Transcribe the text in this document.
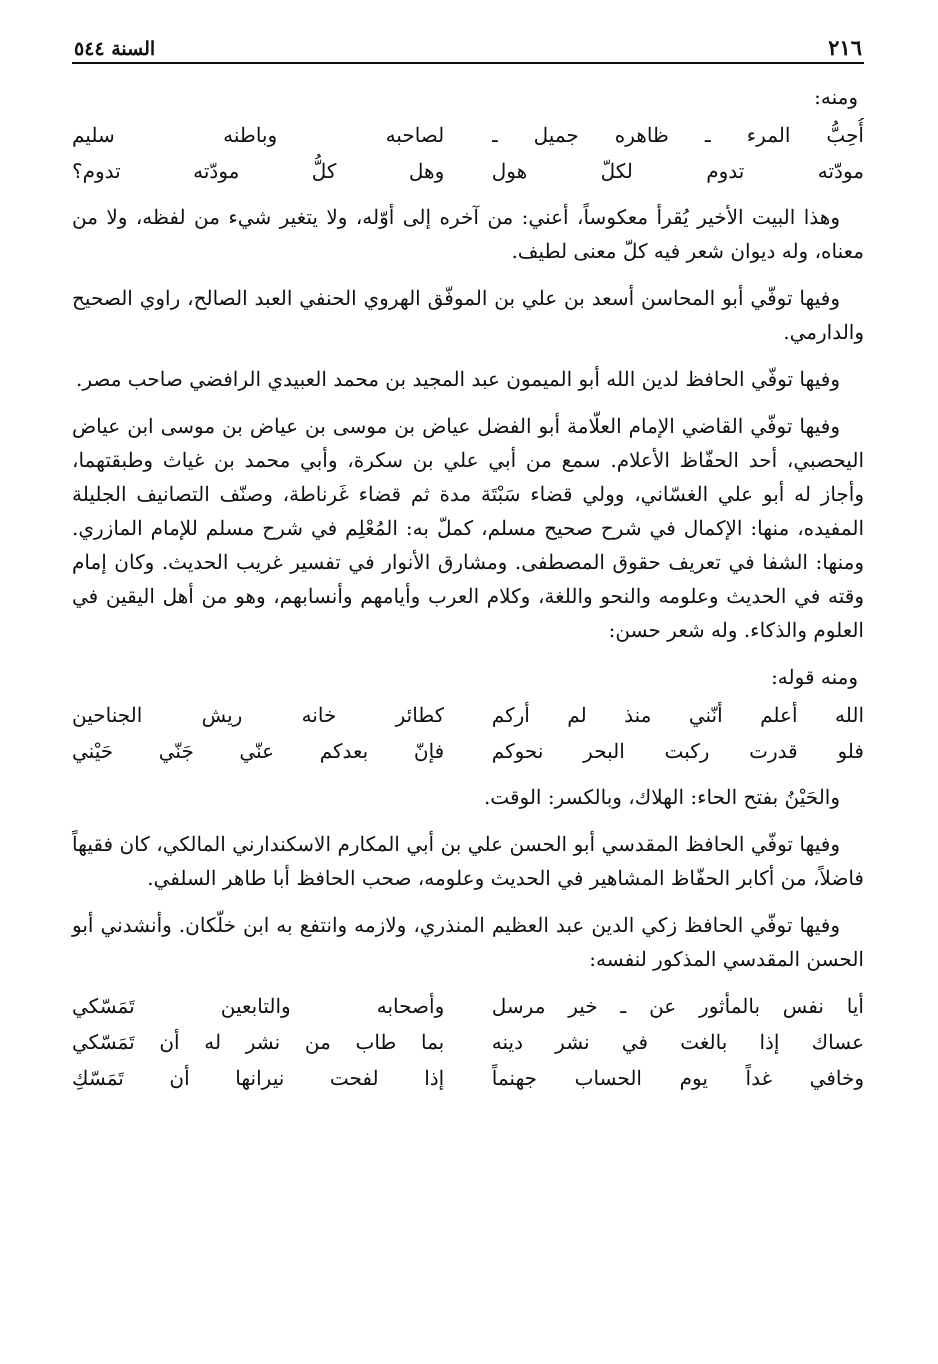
٢١٦
السنة ٥٤٤
ومنه:
أُحِبُّ المرء ـ ظاهره جميل ـ
لصاحبه وباطنه سليم
مودّته تدوم لكلّ هول
وهل كلُّ مودّته تدوم؟

وهذا البيت الأخير يُقرأ معكوساً، أعني: من آخره إلى أوّله، ولا يتغير شيء من لفظه، ولا من معناه، وله ديوان شعر فيه كلّ معنى لطيف.

وفيها توفّي أبو المحاسن أسعد بن علي بن الموفّق الهروي الحنفي العبد الصالح، راوي الصحيح والدارمي.

وفيها توفّي الحافظ لدين الله أبو الميمون عبد المجيد بن محمد العبيدي الرافضي صاحب مصر.

وفيها توفّي القاضي الإمام العلّامة أبو الفضل عياض بن موسى بن عياض بن موسى ابن عياض اليحصبي، أحد الحفّاظ الأعلام. سمع من أبي علي بن سكرة، وأبي محمد بن غياث وطبقتهما، وأجاز له أبو علي الغسّاني، وولي قضاء سَبْتَة مدة ثم قضاء غَرناطة، وصنّف التصانيف الجليلة المفيده، منها: الإكمال في شرح صحيح مسلم، كملّ به: المُعْلِم في شرح مسلم للإمام المازري. ومنها: الشفا في تعريف حقوق المصطفى. ومشارق الأنوار في تفسير غريب الحديث. وكان إمام وقته في الحديث وعلومه والنحو واللغة، وكلام العرب وأيامهم وأنسابهم، وهو من أهل اليقين في العلوم والذكاء. وله شعر حسن:

ومنه قوله:
الله أعلم أنّني منذ لم أركم
كطائر خانه ريش الجناحين
فلو قدرت ركبت البحر نحوكم
فإنّ بعدكم عنّي جَنّي حَيْني

والحَيْنُ بفتح الحاء: الهلاك، وبالكسر: الوقت.

وفيها توفّي الحافظ المقدسي أبو الحسن علي بن أبي المكارم الاسكندارني المالكي، كان فقيهاً فاضلاً، من أكابر الحفّاظ المشاهير في الحديث وعلومه، صحب الحافظ أبا طاهر السلفي.

وفيها توفّي الحافظ زكي الدين عبد العظيم المنذري، ولازمه وانتفع به ابن خلّكان. وأنشدني أبو الحسن المقدسي المذكور لنفسه:

أيا نفس بالمأثور عن ـ خير مرسل
وأصحابه والتابعين تَمَسّكي
عساك إذا بالغت في نشر دينه
بما طاب من نشر له أن تَمَسّكي
وخافي غداً يوم الحساب جهنماً
إذا لفحت نيرانها أن تَمَسّكِ
